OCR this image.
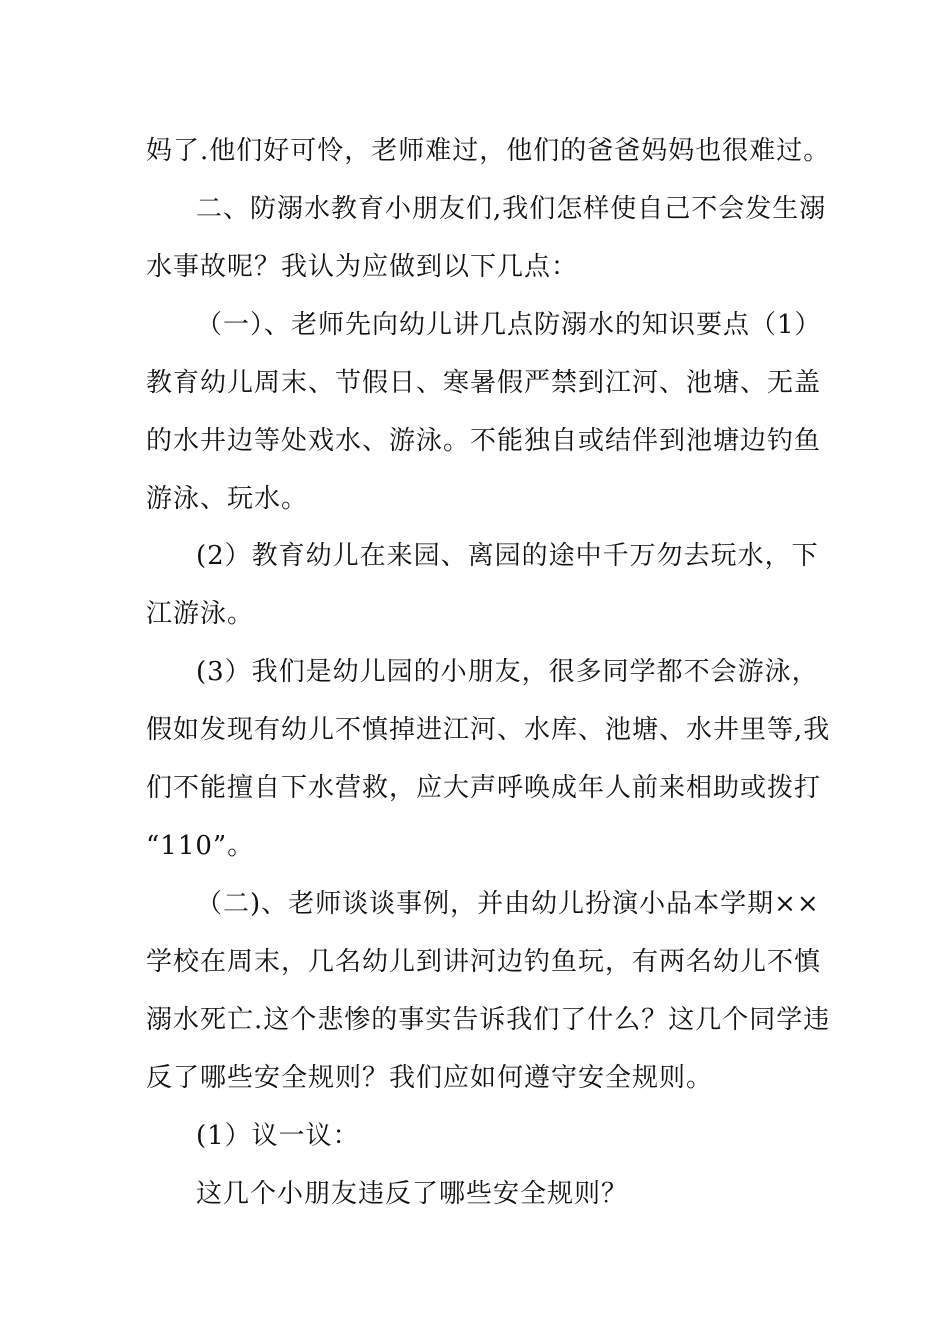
妈了.他们好可怜，老师难过，他们的爸爸妈妈也很难过。
二、防溺水教育小朋友们,我们怎样使自己不会发生溺
水事故呢？我认为应做到以下几点：
（一）、老师先向幼儿讲几点防溺水的知识要点（1）
教育幼儿周末、节假日、寒暑假严禁到江河、池塘、无盖
的水井边等处戏水、游泳。不能独自或结伴到池塘边钓鱼
游泳、玩水。
(2）教育幼儿在来园、离园的途中千万勿去玩水，下
江游泳。
(3）我们是幼儿园的小朋友，很多同学都不会游泳，
假如发现有幼儿不慎掉进江河、水库、池塘、水井里等,我
们不能擅自下水营救，应大声呼唤成年人前来相助或拨打
“110”。
（二)、老师谈谈事例，并由幼儿扮演小品本学期××
学校在周末，几名幼儿到讲河边钓鱼玩，有两名幼儿不慎
溺水死亡.这个悲惨的事实告诉我们了什么？这几个同学违
反了哪些安全规则？我们应如何遵守安全规则。
(1）议一议：
这几个小朋友违反了哪些安全规则？
